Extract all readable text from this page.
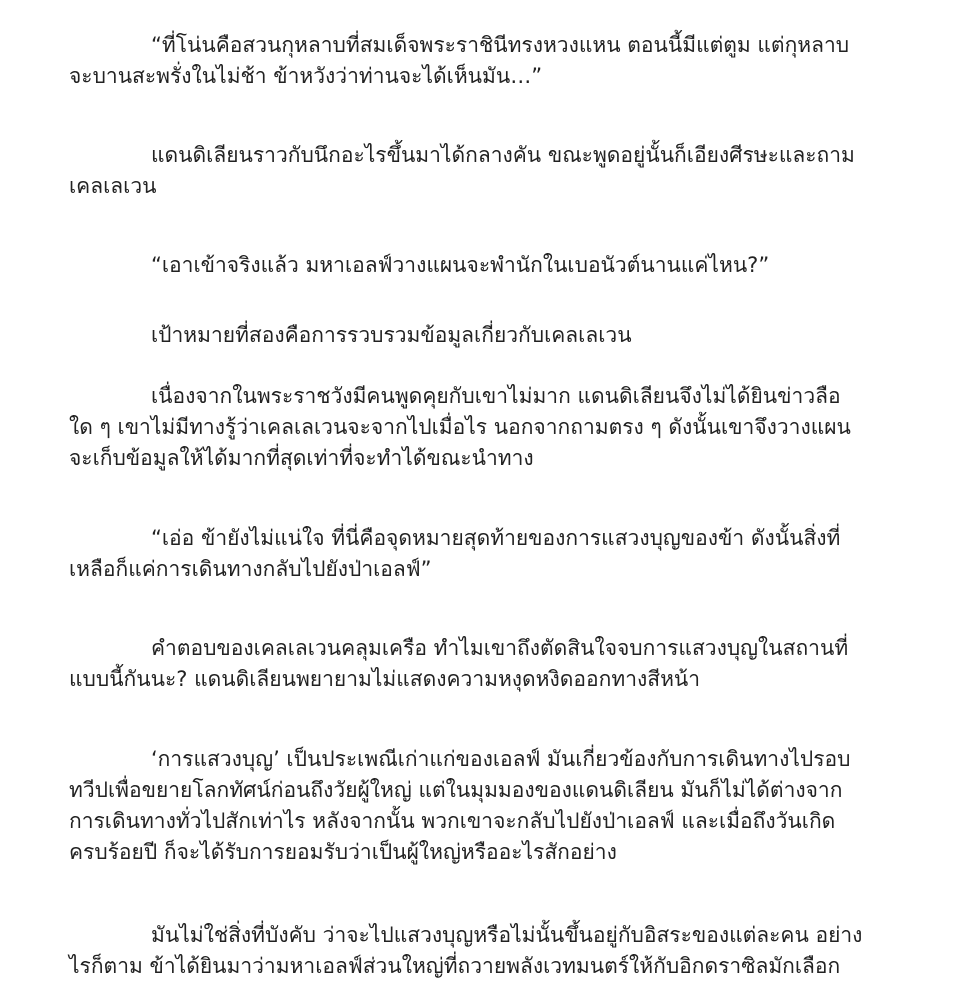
“ที่โน่นคือสวนกุหลาบที่สมเด็จพระราชินีทรงหวงแหน ตอนนี้มีแต่ตูม แต่กุหลาบ
จะบานสะพรั่งในไม่ช้า ข้าหวังว่าท่านจะได้เห็นมัน…”

แดนดิเลียนราวกับนึกอะไรขึ้นมาได้กลางคัน ขณะพูดอยู่นั้นก็เอียงศีรษะและถาม
เคลเลเวน

“เอาเข้าจริงแล้ว มหาเอลฟ์วางแผนจะพำนักในเบอนัวต์นานแค่ไหน?”

เป้าหมายที่สองคือการรวบรวมข้อมูลเกี่ยวกับเคลเลเวน

เนื่องจากในพระราชวังมีคนพูดคุยกับเขาไม่มาก แดนดิเลียนจึงไม่ได้ยินข่าวลือ
ใด ๆ เขาไม่มีทางรู้ว่าเคลเลเวนจะจากไปเมื่อไร นอกจากถามตรง ๆ ดังนั้นเขาจึงวางแผน
จะเก็บข้อมูลให้ได้มากที่สุดเท่าที่จะทำได้ขณะนำทาง

“เอ่อ ข้ายังไม่แน่ใจ ที่นี่คือจุดหมายสุดท้ายของการแสวงบุญของข้า ดังนั้นสิ่งที่
เหลือก็แค่การเดินทางกลับไปยังป่าเอลฟ์”

คำตอบของเคลเลเวนคลุมเครือ ทำไมเขาถึงตัดสินใจจบการแสวงบุญในสถานที่
แบบนี้กันนะ? แดนดิเลียนพยายามไม่แสดงความหงุดหงิดออกทางสีหน้า

‘การแสวงบุญ’ เป็นประเพณีเก่าแก่ของเอลฟ์ มันเกี่ยวข้องกับการเดินทางไปรอบ
ทวีปเพื่อขยายโลกทัศน์ก่อนถึงวัยผู้ใหญ่ แต่ในมุมมองของแดนดิเลียน มันก็ไม่ได้ต่างจาก
การเดินทางทั่วไปสักเท่าไร หลังจากนั้น พวกเขาจะกลับไปยังป่าเอลฟ์ และเมื่อถึงวันเกิด
ครบร้อยปี ก็จะได้รับการยอมรับว่าเป็นผู้ใหญ่หรืออะไรสักอย่าง

มันไม่ใช่สิ่งที่บังคับ ว่าจะไปแสวงบุญหรือไม่นั้นขึ้นอยู่กับอิสระของแต่ละคน อย่าง
ไรก็ตาม ข้าได้ยินมาว่ามหาเอลฟ์ส่วนใหญ่ที่ถวายพลังเวทมนตร์ให้กับอิกดราซิลมักเลือก
